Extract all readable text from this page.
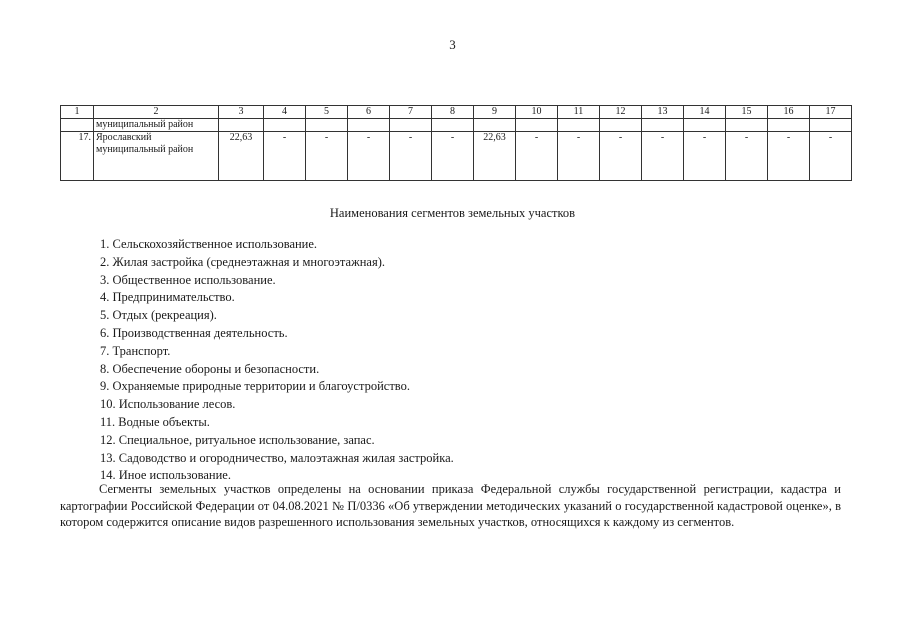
3
1	2	3	4	5	6	7	8	9	10	11	12	13	14	15	16	17
	муниципальный район															
17.	Ярославский муниципальный район	22,63	-	-	-	-	-	22,63	-	-	-	-	-	-	-	-
Наименования сегментов земельных участков
1. Сельскохозяйственное использование.
2. Жилая застройка (среднеэтажная и многоэтажная).
3. Общественное использование.
4. Предпринимательство.
5. Отдых (рекреация).
6. Производственная деятельность.
7. Транспорт.
8. Обеспечение обороны и безопасности.
9. Охраняемые природные территории и благоустройство.
10. Использование лесов.
11. Водные объекты.
12. Специальное, ритуальное использование, запас.
13. Садоводство и огородничество, малоэтажная жилая застройка.
14. Иное использование.

Сегменты земельных участков определены на основании приказа Федеральной службы государственной регистрации, кадастра и картографии Российской Федерации от 04.08.2021 № П/0336 «Об утверждении методических указаний о государственной кадастровой оценке», в котором содержится описание видов разрешенного использования земельных участков, относящихся к каждому из сегментов.
